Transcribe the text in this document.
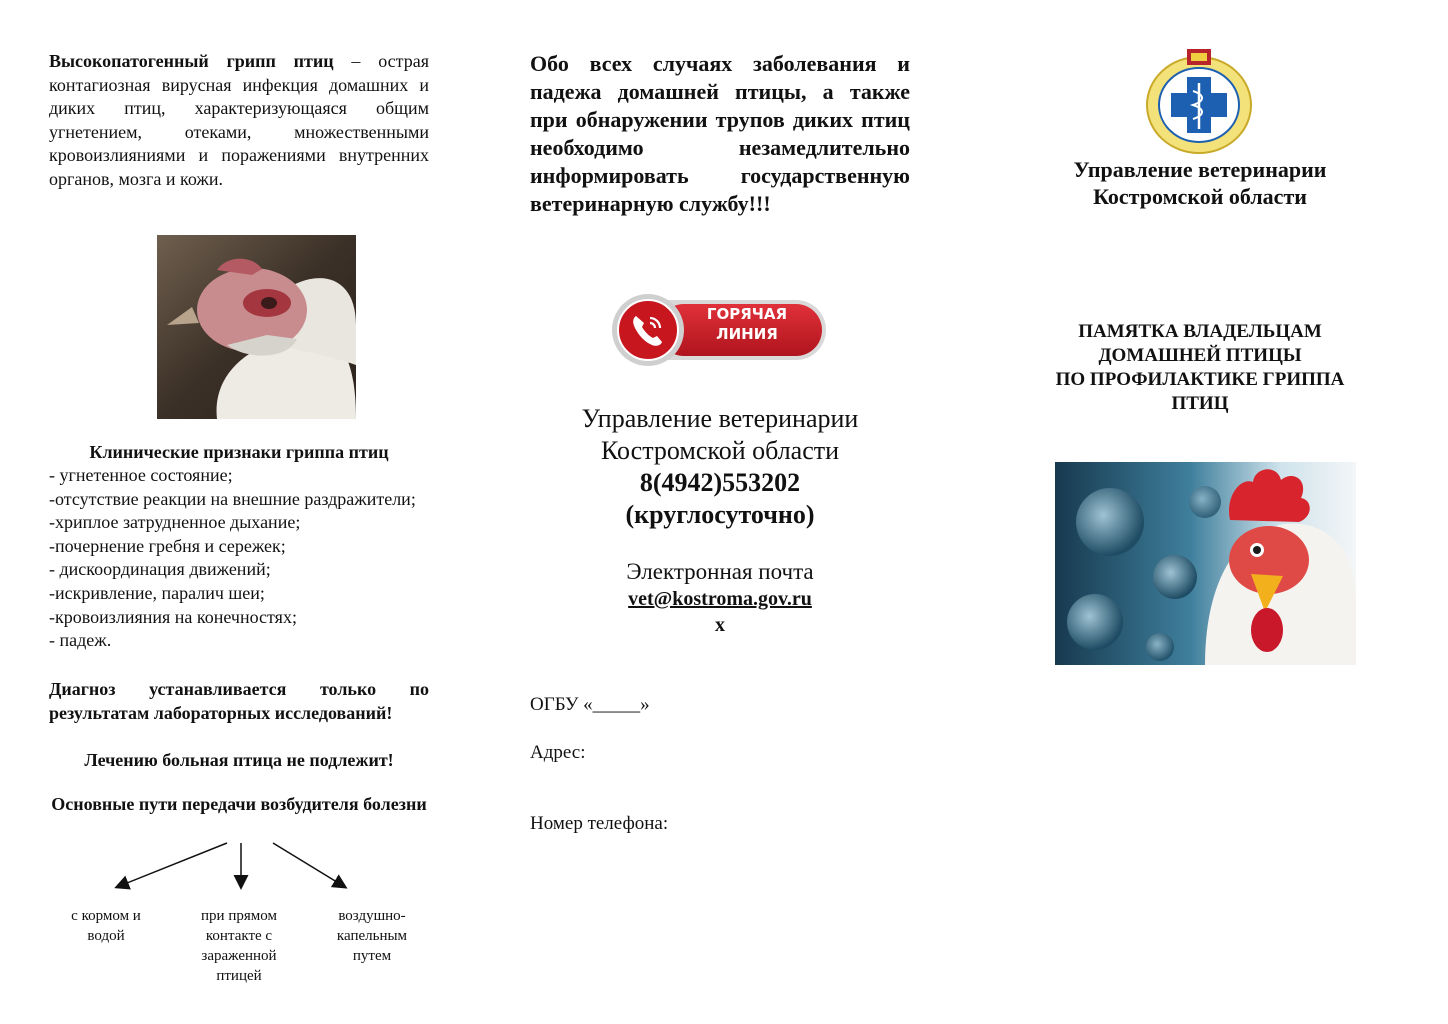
Высокопатогенный грипп птиц – острая контагиозная вирусная инфекция домашних и диких птиц, характеризующаяся общим угнетением, отеками, множественными кровоизлияниями и поражениями внутренних органов, мозга и кожи.
Клинические признаки гриппа птиц
- угнетенное состояние;
-отсутствие реакции на внешние раздражители;
-хриплое затрудненное дыхание;
-почернение гребня и сережек;
- дискоординация движений;
-искривление, паралич шеи;
-кровоизлияния на конечностях;
- падеж.
Диагноз устанавливается только по результатам лабораторных исследований!
Лечению больная птица не подлежит!
Основные пути передачи возбудителя болезни
с кормом и водой
при прямом контакте с зараженной птицей
воздушно-капельным путем
Обо всех случаях заболевания и падежа домашней птицы, а также при обнаружении трупов диких птиц необходимо незамедлительно информировать государственную ветеринарную службу!!!
ГОРЯЧАЯ
ЛИНИЯ
Управление ветеринарии
Костромской области
8(4942)553202
(круглосуточно)
Электронная почта
vet@kostroma.gov.ru
x
ОГБУ «_____»
Адрес:
Номер телефона:
Управление ветеринарии
Костромской области
ПАМЯТКА ВЛАДЕЛЬЦАМ
ДОМАШНЕЙ ПТИЦЫ
ПО ПРОФИЛАКТИКЕ ГРИППА
ПТИЦ
